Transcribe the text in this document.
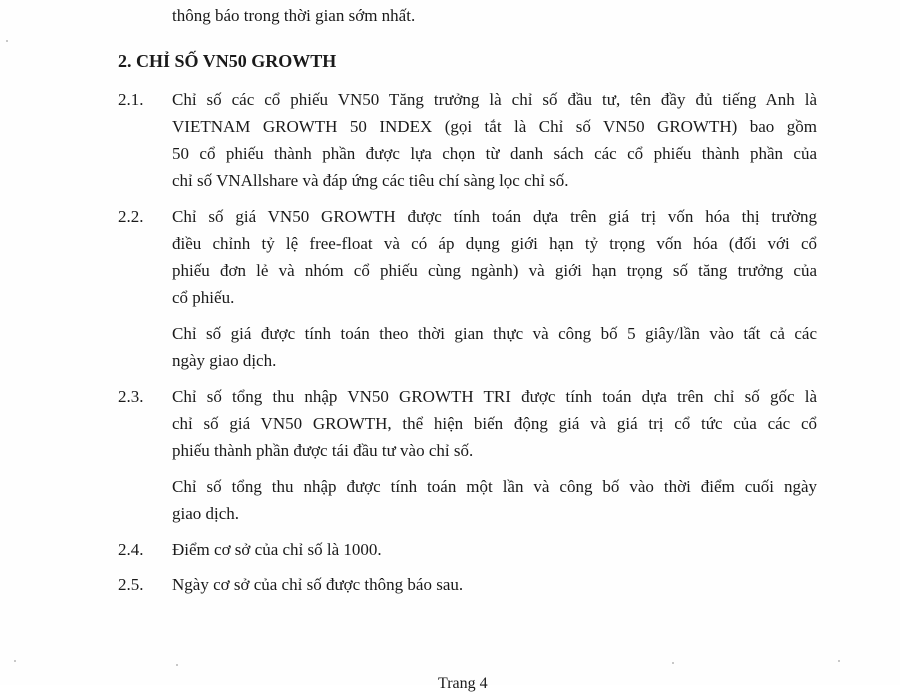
thông báo trong thời gian sớm nhất.
2. CHỈ SỐ VN50 GROWTH
2.1. Chỉ số các cổ phiếu VN50 Tăng trưởng là chỉ số đầu tư, tên đầy đủ tiếng Anh là
VIETNAM GROWTH 50 INDEX (gọi tắt là Chỉ số VN50 GROWTH) bao gồm
50 cổ phiếu thành phần được lựa chọn từ danh sách các cổ phiếu thành phần của
chỉ số VNAllshare và đáp ứng các tiêu chí sàng lọc chỉ số.
2.2. Chỉ số giá VN50 GROWTH được tính toán dựa trên giá trị vốn hóa thị trường
điều chỉnh tỷ lệ free-float và có áp dụng giới hạn tỷ trọng vốn hóa (đối với cổ
phiếu đơn lẻ và nhóm cổ phiếu cùng ngành) và giới hạn trọng số tăng trưởng của
cổ phiếu.
Chỉ số giá được tính toán theo thời gian thực và công bố 5 giây/lần vào tất cả các
ngày giao dịch.
2.3. Chỉ số tổng thu nhập VN50 GROWTH TRI được tính toán dựa trên chỉ số gốc là
chỉ số giá VN50 GROWTH, thể hiện biến động giá và giá trị cổ tức của các cổ
phiếu thành phần được tái đầu tư vào chỉ số.
Chỉ số tổng thu nhập được tính toán một lần và công bố vào thời điểm cuối ngày
giao dịch.
2.4. Điểm cơ sở của chỉ số là 1000.
2.5. Ngày cơ sở của chỉ số được thông báo sau.
Trang 4
